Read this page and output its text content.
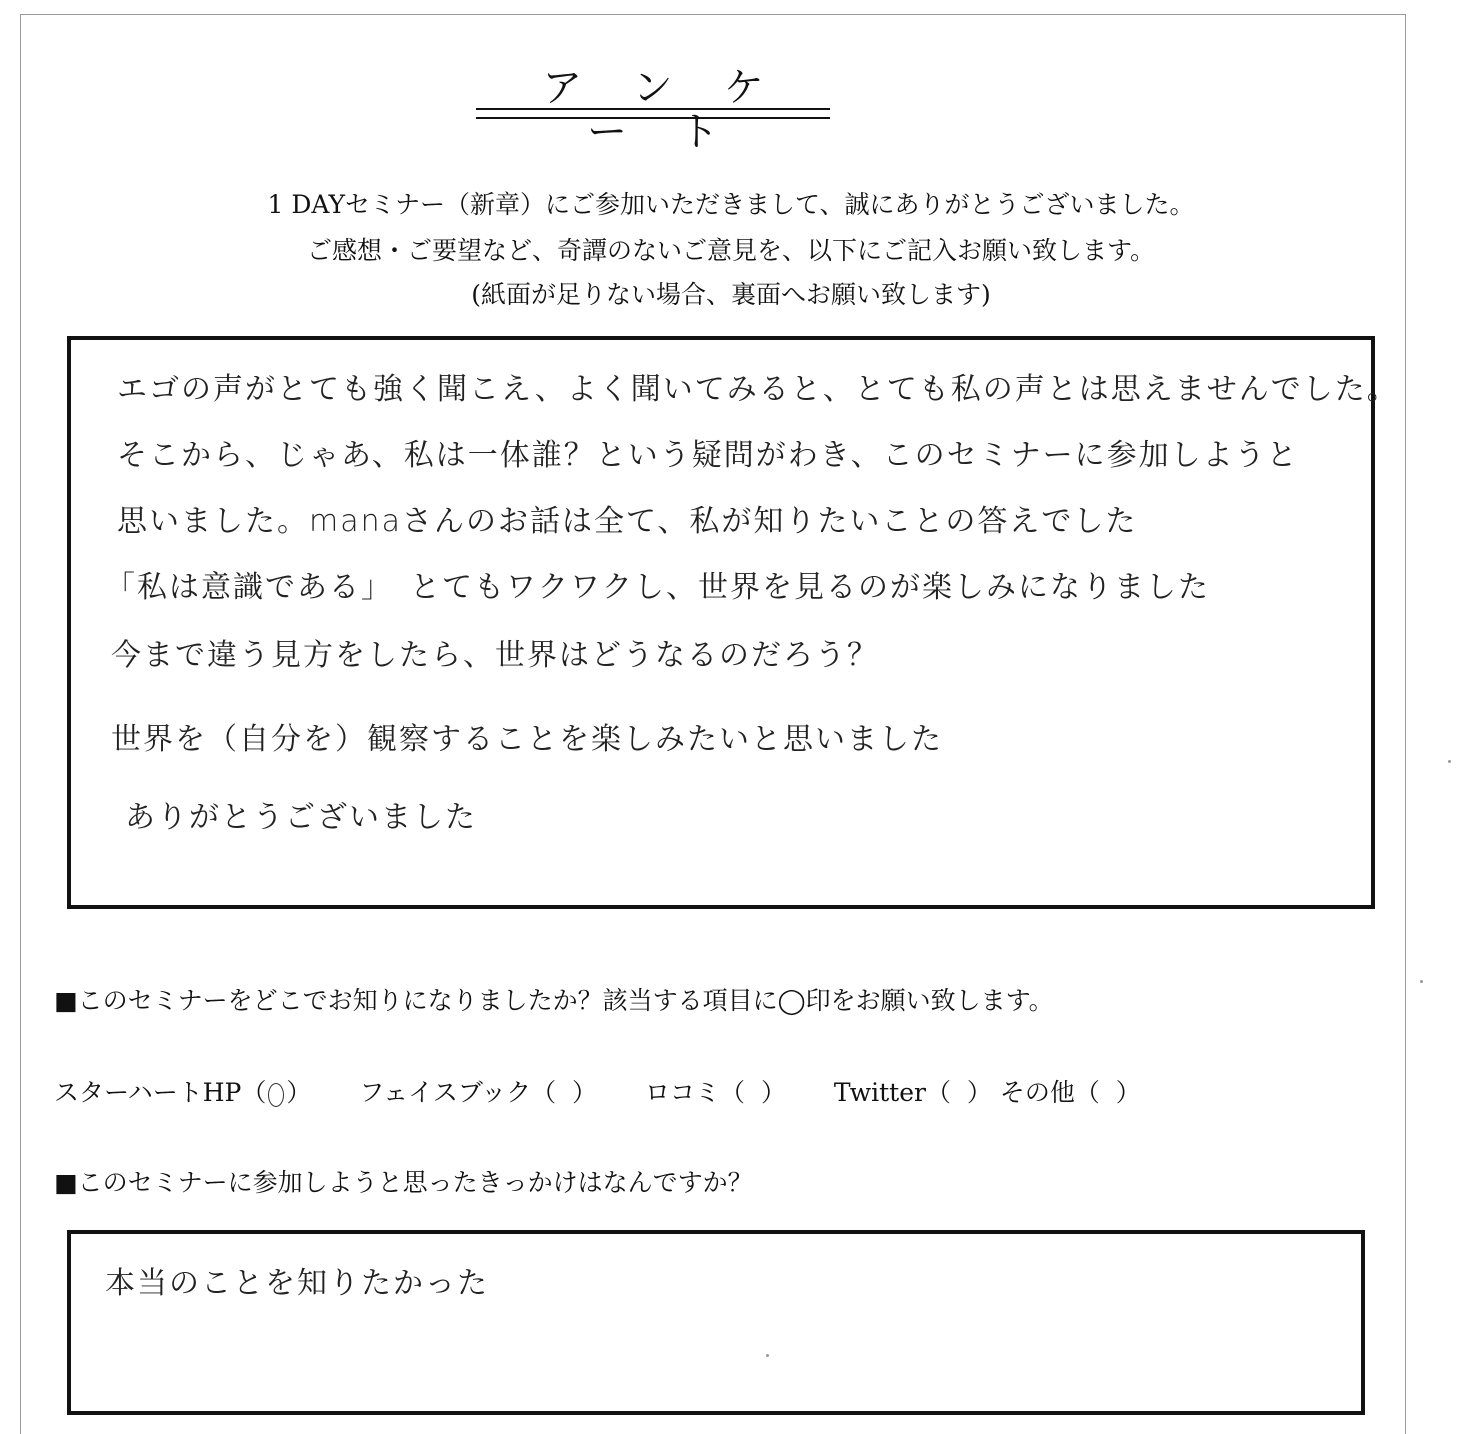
アンケート
1 DAYセミナー（新章）にご参加いただきまして、誠にありがとうございました。
ご感想・ご要望など、奇譚のないご意見を、以下にご記入お願い致します。
(紙面が足りない場合、裏面へお願い致します)
エゴの声がとても強く聞こえ、よく聞いてみると、とても私の声とは思えませんでした。
そこから、じゃあ、私は一体誰？という疑問がわき、このセミナーに参加しようと
思いました。manaさんのお話は全て、私が知りたいことの答えでした
「私は意識である」　とてもワクワクし、世界を見るのが楽しみになりました
今まで違う見方をしたら、世界はどうなるのだろう？
世界を（自分を）観察することを楽しみたいと思いました
ありがとうございました
■このセミナーをどこでお知りになりましたか？該当する項目に◯印をお願い致します。
スターハートHP（ ○ ） フェイスブック（ ） ロコミ（ ） Twitter（ ） その他（ ）
■このセミナーに参加しようと思ったきっかけはなんですか？
本当のことを知りたかった
